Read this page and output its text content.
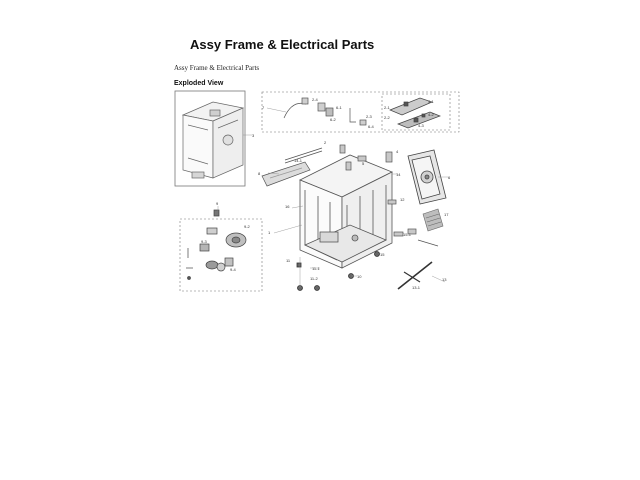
Assy Frame & Electrical Parts
Assy Frame & Electrical Parts
Exploded View
3
7
2-4
6-1
6-2
6-4
2-3
2-1
2-2
4-1
4-2
4-3
2
14-1
8
4
5
14
6
12
17
15-1
16
1
9
9-2
9-3
9-4
11
11-1
11-2	10
15
13
13-1
